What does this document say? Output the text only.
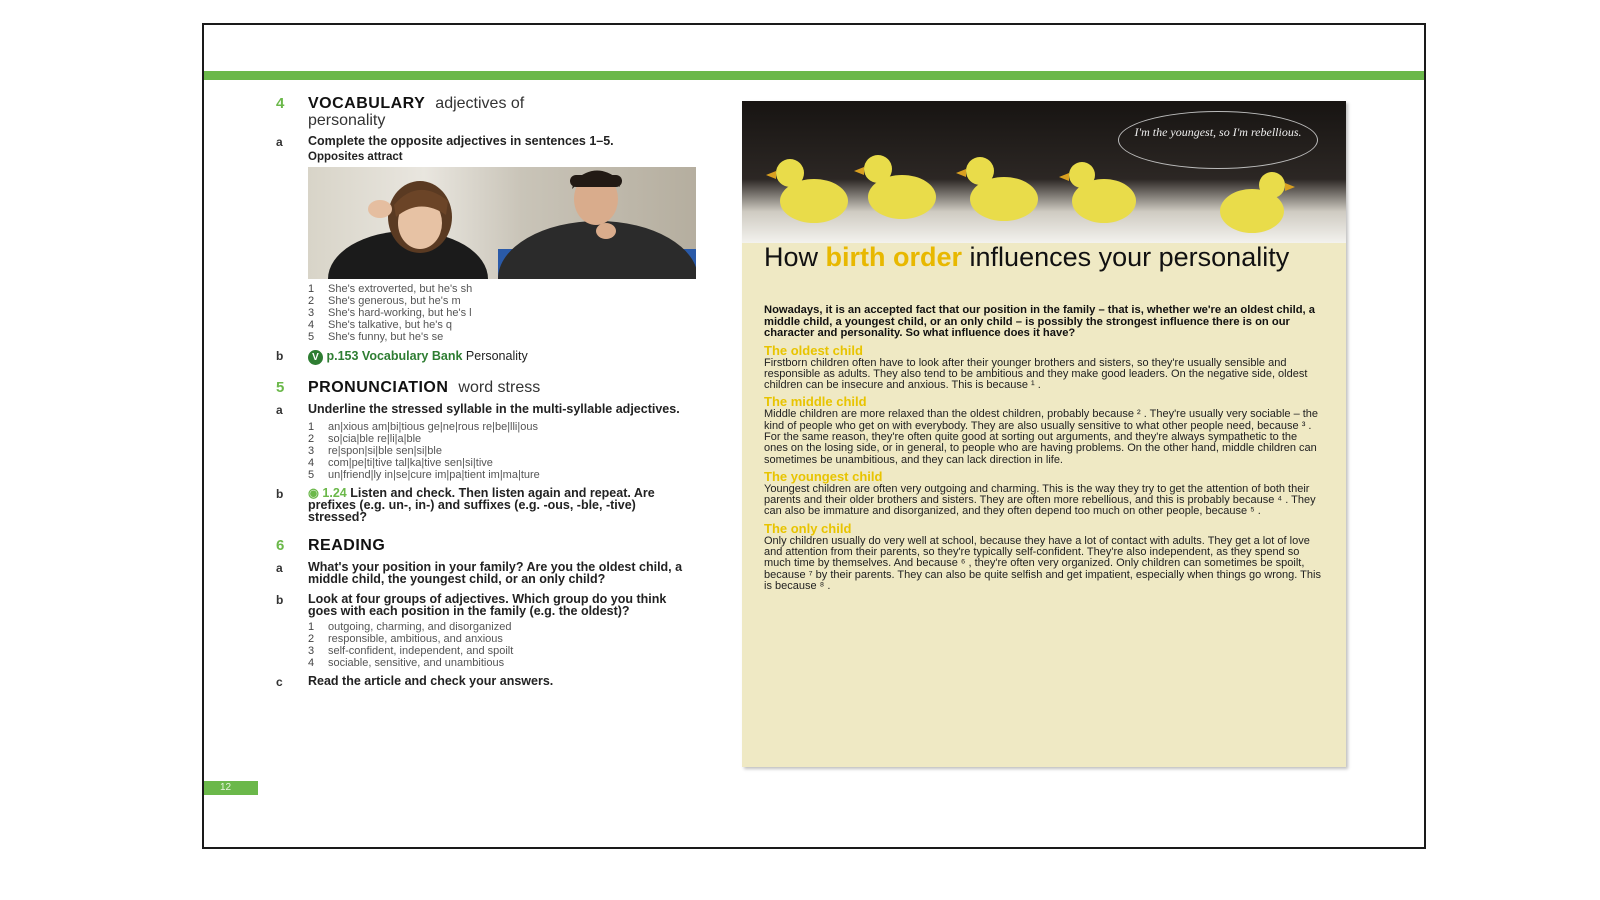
4	VOCABULARY adjectives of
personality
a	Complete the opposite adjectives in sentences 1–5.
Opposites attract
1	She's extroverted, but he's sh
2	She's generous, but he's m
3	She's hard-working, but he's l
4	She's talkative, but he's q
5	She's funny, but he's se
b	V p.153 Vocabulary Bank Personality
5	PRONUNCIATION word stress
a	Underline the stressed syllable in the multi-syllable adjectives.
1	an|xious am|bi|tious ge|ne|rous re|be|lli|ous
2	so|cia|ble re|li|a|ble
3	re|spon|si|ble sen|si|ble
4	com|pe|ti|tive tal|ka|tive sen|si|tive
5	un|friend|ly in|se|cure im|pa|tient im|ma|ture
b	◉ 1.24 Listen and check. Then listen again and repeat. Are prefixes (e.g. un-, in-) and suffixes (e.g. -ous, -ble, -tive) stressed?
6	READING
a	What's your position in your family? Are you the oldest child, a middle child, the youngest child, or an only child?
b	Look at four groups of adjectives. Which group do you think goes with each position in the family (e.g. the oldest)?
1	outgoing, charming, and disorganized
2	responsible, ambitious, and anxious
3	self-confident, independent, and spoilt
4	sociable, sensitive, and unambitious
c	Read the article and check your answers.
I'm the youngest, so I'm rebellious.
How birth order influences your personality
Nowadays, it is an accepted fact that our position in the family – that is, whether we're an oldest child, a middle child, a youngest child, or an only child – is possibly the strongest influence there is on our character and personality. So what influence does it have?
The oldest child
Firstborn children often have to look after their younger brothers and sisters, so they're usually sensible and responsible as adults. They also tend to be ambitious and they make good leaders. On the negative side, oldest children can be insecure and anxious. This is because ¹ .
The middle child
Middle children are more relaxed than the oldest children, probably because ² . They're usually very sociable – the kind of people who get on with everybody. They are also usually sensitive to what other people need, because ³ . For the same reason, they're often quite good at sorting out arguments, and they're always sympathetic to the ones on the losing side, or in general, to people who are having problems. On the other hand, middle children can sometimes be unambitious, and they can lack direction in life.
The youngest child
Youngest children are often very outgoing and charming. This is the way they try to get the attention of both their parents and their older brothers and sisters. They are often more rebellious, and this is probably because ⁴ . They can also be immature and disorganized, and they often depend too much on other people, because ⁵ .
The only child
Only children usually do very well at school, because they have a lot of contact with adults. They get a lot of love and attention from their parents, so they're typically self-confident. They're also independent, as they spend so much time by themselves. And because ⁶ , they're often very organized. Only children can sometimes be spoilt, because ⁷ by their parents. They can also be quite selfish and get impatient, especially when things go wrong. This is because ⁸ .
12
